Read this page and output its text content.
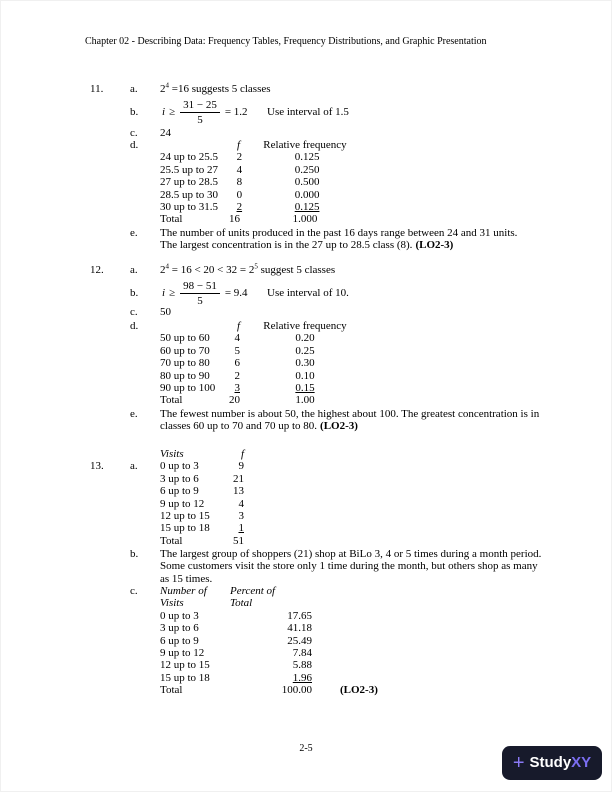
Chapter 02 - Describing Data: Frequency Tables, Frequency Distributions, and Graphic Presentation
11.	a.	$2^4 =16$ suggests 5 classes
b.	$i \ge \frac{31 - 25}{5} = 1.2$ Use interval of 1.5
c.	24
d.	f	Relative frequency
24 up to 25.5	2	0.125
25.5 up to 27	4	0.250
27 up to 28.5	8	0.500
28.5 up to 30	0	0.000
30 up to 31.5	2	0.125
Total	16	1.000
e.	The number of units produced in the past 16 days range between 24 and 31 units.
The largest concentration is in the 27 up to 28.5 class (8). (LO2-3)
12.	a.	$2^4 = 16 < 20 < 32 = 2^5$ suggest 5 classes
b.	$i \ge \frac{98 - 51}{5} = 9.4$ Use interval of 10.
c.	50
d.	f	Relative frequency
50 up to 60	4	0.20
60 up to 70	5	0.25
70 up to 80	6	0.30
80 up to 90	2	0.10
90 up to 100	3	0.15
Total	20	1.00
e.	The fewest number is about 50, the highest about 100. The greatest concentration is in
classes 60 up to 70 and 70 up to 80. (LO2-3)
Visits	f
13.	a.	0 up to 3	9
3 up to 6	21
6 up to 9	13
9 up to 12	4
12 up to 15	3
15 up to 18	1
Total	51
b.	The largest group of shoppers (21) shop at BiLo 3, 4 or 5 times during a month period.
Some customers visit the store only 1 time during the month, but others shop as many
as 15 times.
c.	Number of	Percent of
Visits	Total
0 up to 3	17.65
3 up to 6	41.18
6 up to 9	25.49
9 up to 12	7.84
12 up to 15	5.88
15 up to 18	1.96
Total	100.00	(LO2-3)
2-5
+ Study XY
